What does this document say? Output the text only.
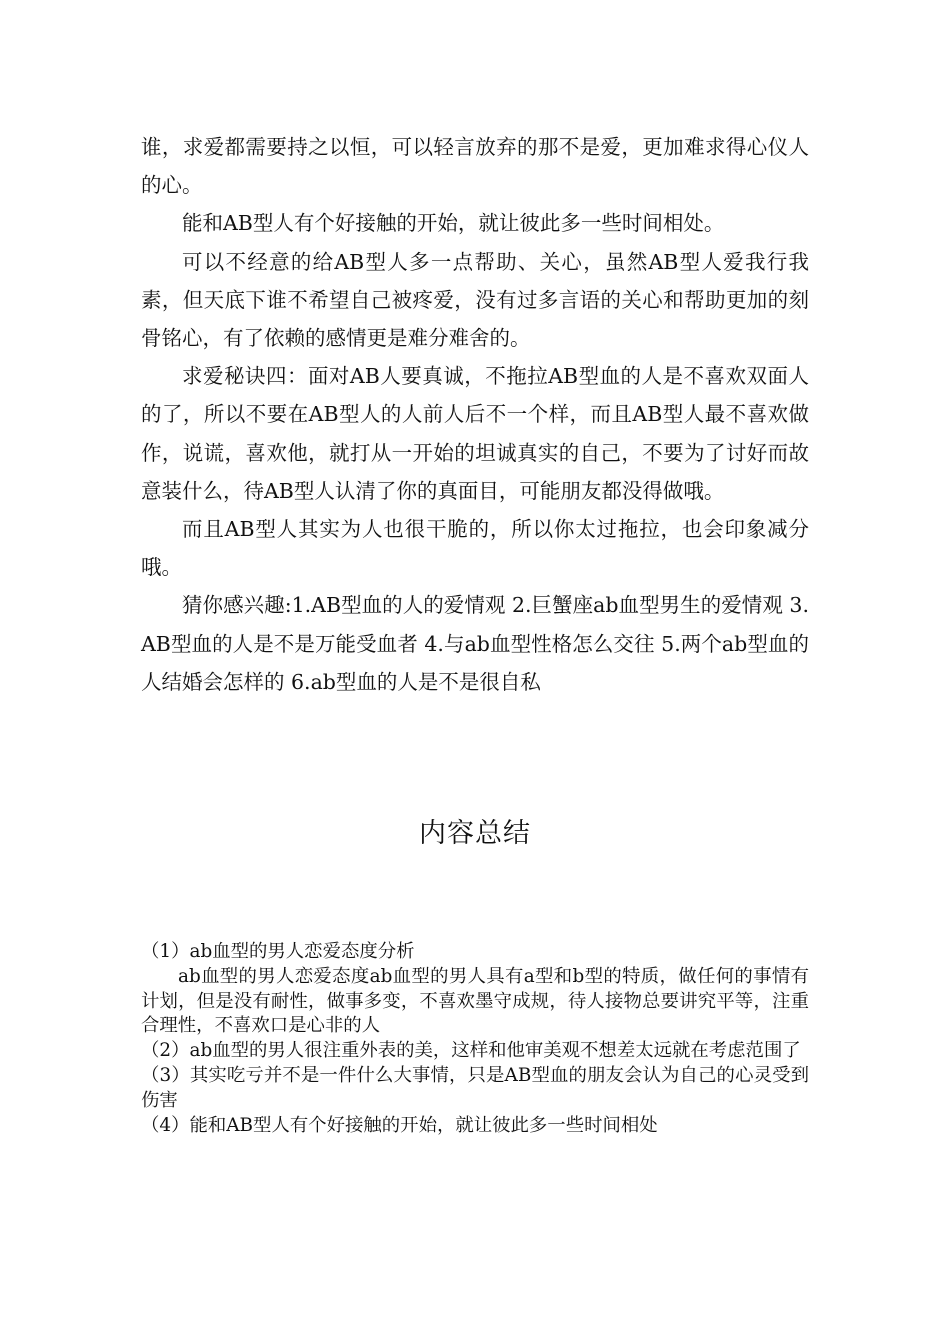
谁，求爱都需要持之以恒，可以轻言放弃的那不是爱，更加难求得心仪人的心。

能和AB型人有个好接触的开始，就让彼此多一些时间相处。

可以不经意的给AB型人多一点帮助、关心，虽然AB型人爱我行我素，但天底下谁不希望自己被疼爱，没有过多言语的关心和帮助更加的刻骨铭心，有了依赖的感情更是难分难舍的。

求爱秘诀四：面对AB人要真诚，不拖拉AB型血的人是不喜欢双面人的了，所以不要在AB型人的人前人后不一个样，而且AB型人最不喜欢做作，说谎，喜欢他，就打从一开始的坦诚真实的自己，不要为了讨好而故意装什么，待AB型人认清了你的真面目，可能朋友都没得做哦。

而且AB型人其实为人也很干脆的，所以你太过拖拉，也会印象减分哦。

猜你感兴趣:1.AB型血的人的爱情观 2.巨蟹座ab血型男生的爱情观 3.AB型血的人是不是万能受血者 4.与ab血型性格怎么交往 5.两个ab型血的人结婚会怎样的 6.ab型血的人是不是很自私

内容总结

（1）ab血型的男人恋爱态度分析

ab血型的男人恋爱态度ab血型的男人具有a型和b型的特质，做任何的事情有计划，但是没有耐性，做事多变，不喜欢墨守成规，待人接物总要讲究平等，注重合理性，不喜欢口是心非的人

（2）ab血型的男人很注重外表的美，这样和他审美观不想差太远就在考虑范围了

（3）其实吃亏并不是一件什么大事情，只是AB型血的朋友会认为自己的心灵受到伤害

（4）能和AB型人有个好接触的开始，就让彼此多一些时间相处
